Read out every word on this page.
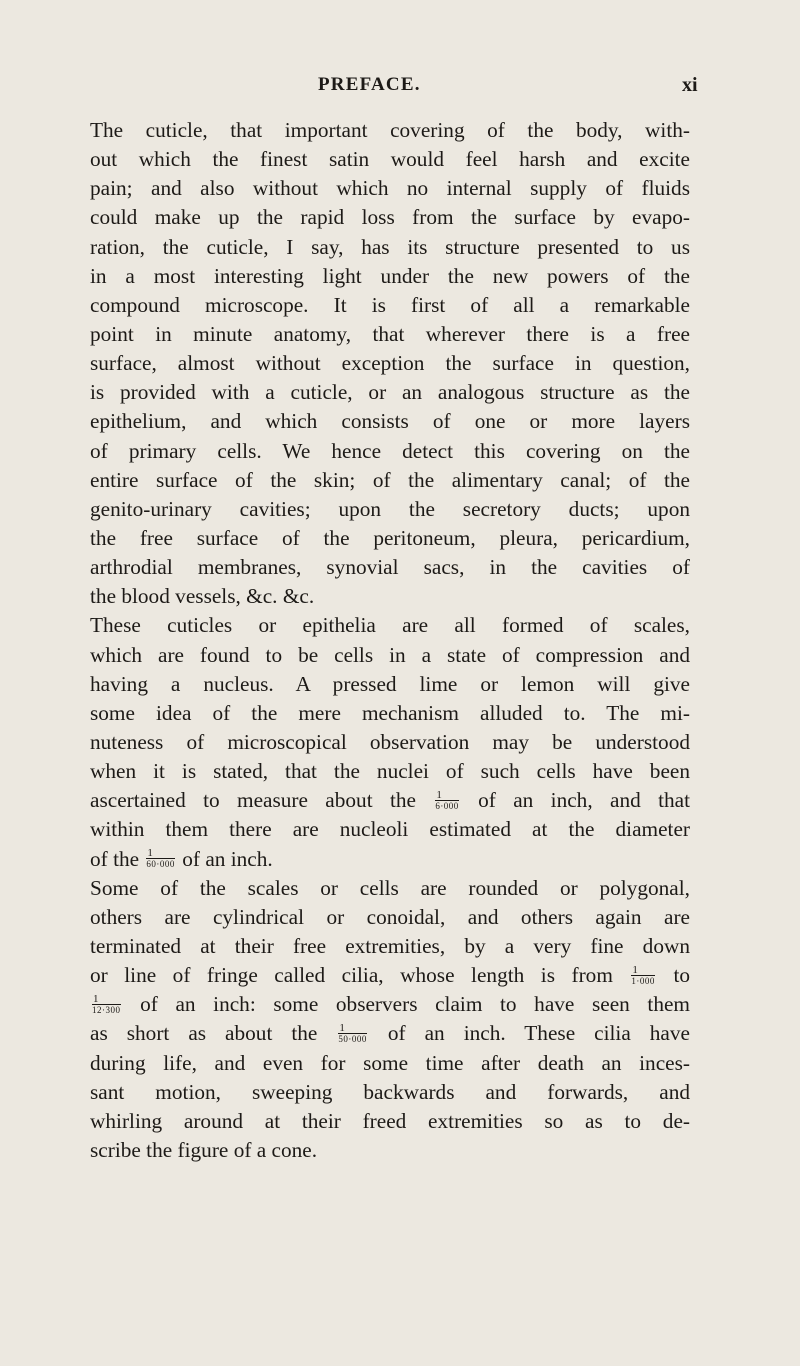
PREFACE.	xi
The cuticle, that important covering of the body, with-
out which the finest satin would feel harsh and excite
pain; and also without which no internal supply of fluids
could make up the rapid loss from the surface by evapo-
ration, the cuticle, I say, has its structure presented to us
in a most interesting light under the new powers of the
compound microscope. It is first of all a remarkable
point in minute anatomy, that wherever there is a free
surface, almost without exception the surface in question,
is provided with a cuticle, or an analogous structure as the
epithelium, and which consists of one or more layers
of primary cells. We hence detect this covering on the
entire surface of the skin; of the alimentary canal; of the
genito-urinary cavities; upon the secretory ducts; upon
the free surface of the peritoneum, pleura, pericardium,
arthrodial membranes, synovial sacs, in the cavities of
the blood vessels, &c. &c.
These cuticles or epithelia are all formed of scales,
which are found to be cells in a state of compression and
having a nucleus. A pressed lime or lemon will give
some idea of the mere mechanism alluded to. The mi-
nuteness of microscopical observation may be understood
when it is stated, that the nuclei of such cells have been
ascertained to measure about the $\frac{1}{6\cdot 000}$ of an inch, and that
within them there are nucleoli estimated at the diameter
of the $\frac{1}{60\cdot 000}$ of an inch.
Some of the scales or cells are rounded or polygonal,
others are cylindrical or conoidal, and others again are
terminated at their free extremities, by a very fine down
or line of fringe called cilia, whose length is from $\frac{1}{1\cdot 000}$ to
$\frac{1}{12\cdot 300}$ of an inch: some observers claim to have seen them
as short as about the $\frac{1}{50\cdot 000}$ of an inch. These cilia have
during life, and even for some time after death an inces-
sant motion, sweeping backwards and forwards, and
whirling around at their freed extremities so as to de-
scribe the figure of a cone.
